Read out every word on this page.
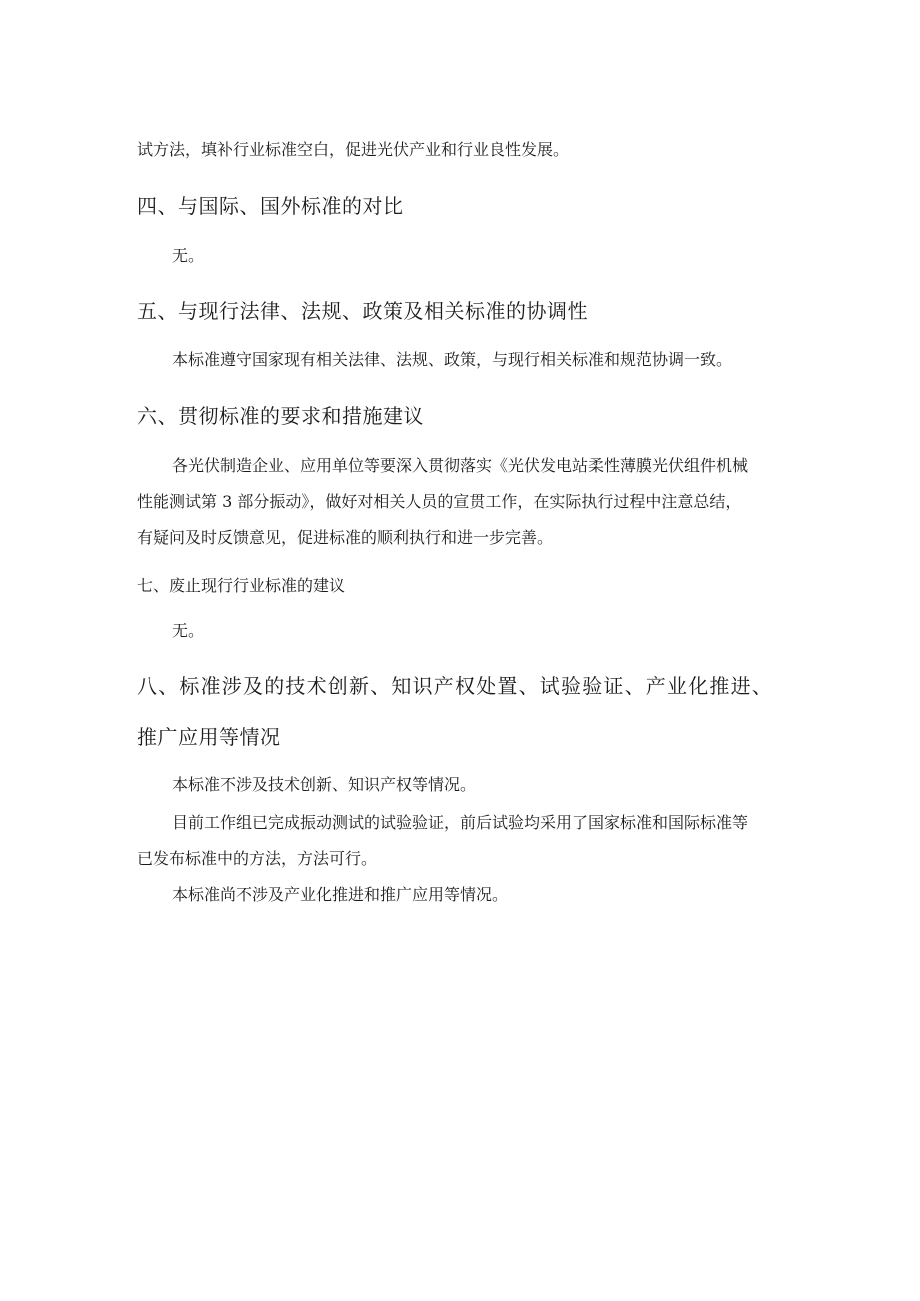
试方法，填补行业标准空白，促进光伏产业和行业良性发展。
四、与国际、国外标准的对比
无。
五、与现行法律、法规、政策及相关标准的协调性
本标准遵守国家现有相关法律、法规、政策，与现行相关标准和规范协调一致。
六、贯彻标准的要求和措施建议
各光伏制造企业、应用单位等要深入贯彻落实《光伏发电站柔性薄膜光伏组件机械
性能测试第 3 部分振动》，做好对相关人员的宣贯工作，在实际执行过程中注意总结，
有疑问及时反馈意见，促进标准的顺利执行和进一步完善。
七、废止现行行业标准的建议
无。
八、标准涉及的技术创新、知识产权处置、试验验证、产业化推进、
推广应用等情况
本标准不涉及技术创新、知识产权等情况。
目前工作组已完成振动测试的试验验证，前后试验均采用了国家标准和国际标准等
已发布标准中的方法，方法可行。
本标准尚不涉及产业化推进和推广应用等情况。
